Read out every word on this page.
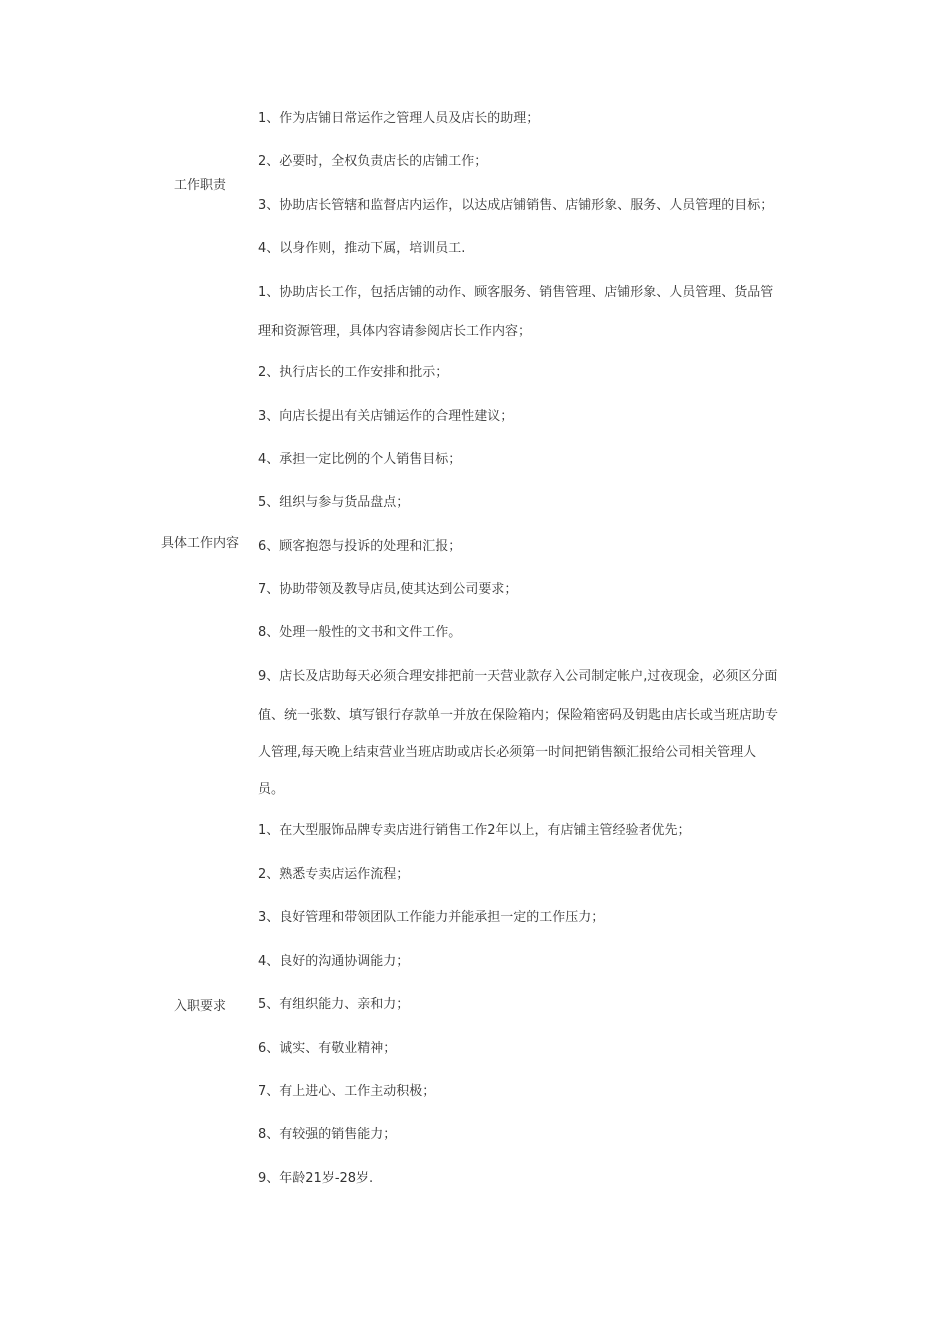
工作职责
1、作为店铺日常运作之管理人员及店长的助理；
2、必要时，全权负责店长的店铺工作；
3、协助店长管辖和监督店内运作，以达成店铺销售、店铺形象、服务、人员管理的目标；
4、以身作则，推动下属，培训员工.
具体工作内容
1、协助店长工作，包括店铺的动作、顾客服务、销售管理、店铺形象、人员管理、货品管
理和资源管理，具体内容请参阅店长工作内容；
2、执行店长的工作安排和批示；
3、向店长提出有关店铺运作的合理性建议；
4、承担一定比例的个人销售目标；
5、组织与参与货品盘点；
6、顾客抱怨与投诉的处理和汇报；
7、协助带领及教导店员,使其达到公司要求；
8、处理一般性的文书和文件工作。
9、店长及店助每天必须合理安排把前一天营业款存入公司制定帐户,过夜现金，必须区分面
值、统一张数、填写银行存款单一并放在保险箱内；保险箱密码及钥匙由店长或当班店助专
人管理,每天晚上结束营业当班店助或店长必须第一时间把销售额汇报给公司相关管理人
员。
入职要求
1、在大型服饰品牌专卖店进行销售工作2年以上，有店铺主管经验者优先；
2、熟悉专卖店运作流程；
3、良好管理和带领团队工作能力并能承担一定的工作压力；
4、良好的沟通协调能力；
5、有组织能力、亲和力；
6、诚实、有敬业精神；
7、有上进心、工作主动积极；
8、有较强的销售能力；
9、年龄21岁-28岁.
